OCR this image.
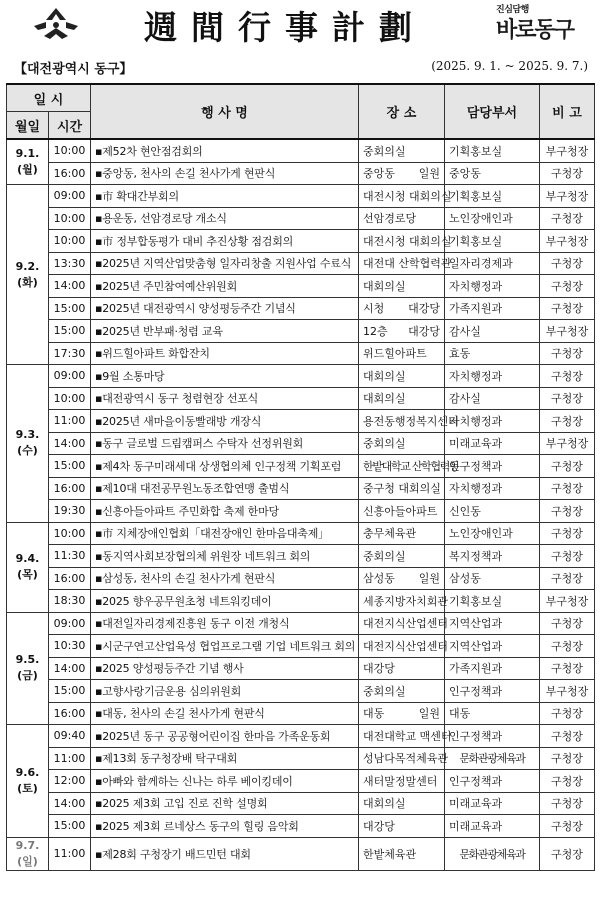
週間行事計劃	진심담행
바로동구
【대전광역시 동구】	(2025. 9. 1. ~ 2025. 9. 7.)
일 시		행 사 명	장 소	담당부서	비 고
월일	시간				

9.1.
(월)	10:00	▪제52차 현안점검회의	중회의실	기획홍보실	부구청장
	16:00	▪중앙동, 천사의 손길 천사가게 현판식	중앙동 일원	중앙동	구청장

9.2.
(화)	09:00	▪市 확대간부회의	대전시청 대회의실	기획홍보실	부구청장
	10:00	▪용운동, 선암경로당 개소식	선암경로당	노인장애인과	구청장
	10:00	▪市 정부합동평가 대비 추진상황 점검회의	대전시청 대회의실	기획홍보실	부구청장
	13:30	▪2025년 지역산업맞춤형 일자리창출 지원사업 수료식	대전대 산학협력관	일자리경제과	구청장
	14:00	▪2025년 주민참여예산위원회	대회의실	자치행정과	구청장
	15:00	▪2025년 대전광역시 양성평등주간 기념식	시청 대강당	가족지원과	구청장
	15:00	▪2025년 반부패·청렴 교육	12층 대강당	감사실	부구청장
	17:30	▪위드힐아파트 화합잔치	위드힐아파트	효동	구청장

9.3.
(수)	09:00	▪9월 소통마당	대회의실	자치행정과	구청장
	10:00	▪대전광역시 동구 청렴현장 선포식	대회의실	감사실	구청장
	11:00	▪2025년 새마을이동빨래방 개장식	용전동행정복지센터	자치행정과	구청장
	14:00	▪동구 글로벌 드림캠퍼스 수탁자 선정위원회	중회의실	미래교육과	부구청장
	15:00	▪제4차 동구미래세대 상생협의체 인구정책 기획포럼	한밭대학교 산학협력동	인구정책과	구청장
	16:00	▪제10대 대전공무원노동조합연맹 출범식	중구청 대회의실	자치행정과	구청장
	19:30	▪신흥아들아파트 주민화합 축제 한마당	신흥아들아파트	신인동	구청장

9.4.
(목)	10:00	▪市 지체장애인협회「대전장애인 한마음대축제」	충무체육관	노인장애인과	구청장
	11:30	▪동지역사회보장협의체 위원장 네트워크 회의	중회의실	복지정책과	구청장
	16:00	▪삼성동, 천사의 손길 천사가게 현판식	삼성동 일원	삼성동	구청장
	18:30	▪2025 향우공무원초청 네트워킹데이	세종지방자치회관	기획홍보실	부구청장

9.5.
(금)	09:00	▪대전일자리경제진흥원 동구 이전 개청식	대전지식산업센터	지역산업과	구청장
	10:30	▪시군구연고산업육성 협업프로그램 기업 네트워크 회의	대전지식산업센터	지역산업과	구청장
	14:00	▪2025 양성평등주간 기념 행사	대강당	가족지원과	구청장
	15:00	▪고향사랑기금운용 심의위원회	중회의실	인구정책과	부구청장
	16:00	▪대동, 천사의 손길 천사가게 현판식	대동 일원	대동	구청장

9.6.
(토)	09:40	▪2025년 동구 공공형어린이집 한마음 가족운동회	대전대학교 맥센터	인구정책과	구청장
	11:00	▪제13회 동구청장배 탁구대회	성남다목적체육관	문화관광체육과	구청장
	12:00	▪아빠와 함께하는 신나는 하루 베이킹데이	새터말정말센터	인구정책과	구청장
	14:00	▪2025 제3회 고입 진로 진학 설명회	대회의실	미래교육과	구청장
	15:00	▪2025 제3회 르네상스 동구의 힐링 음악회	대강당	미래교육과	구청장

9.7.
(일)	11:00	▪제28회 구청장기 배드민턴 대회	한밭체육관	문화관광체육과	구청장
